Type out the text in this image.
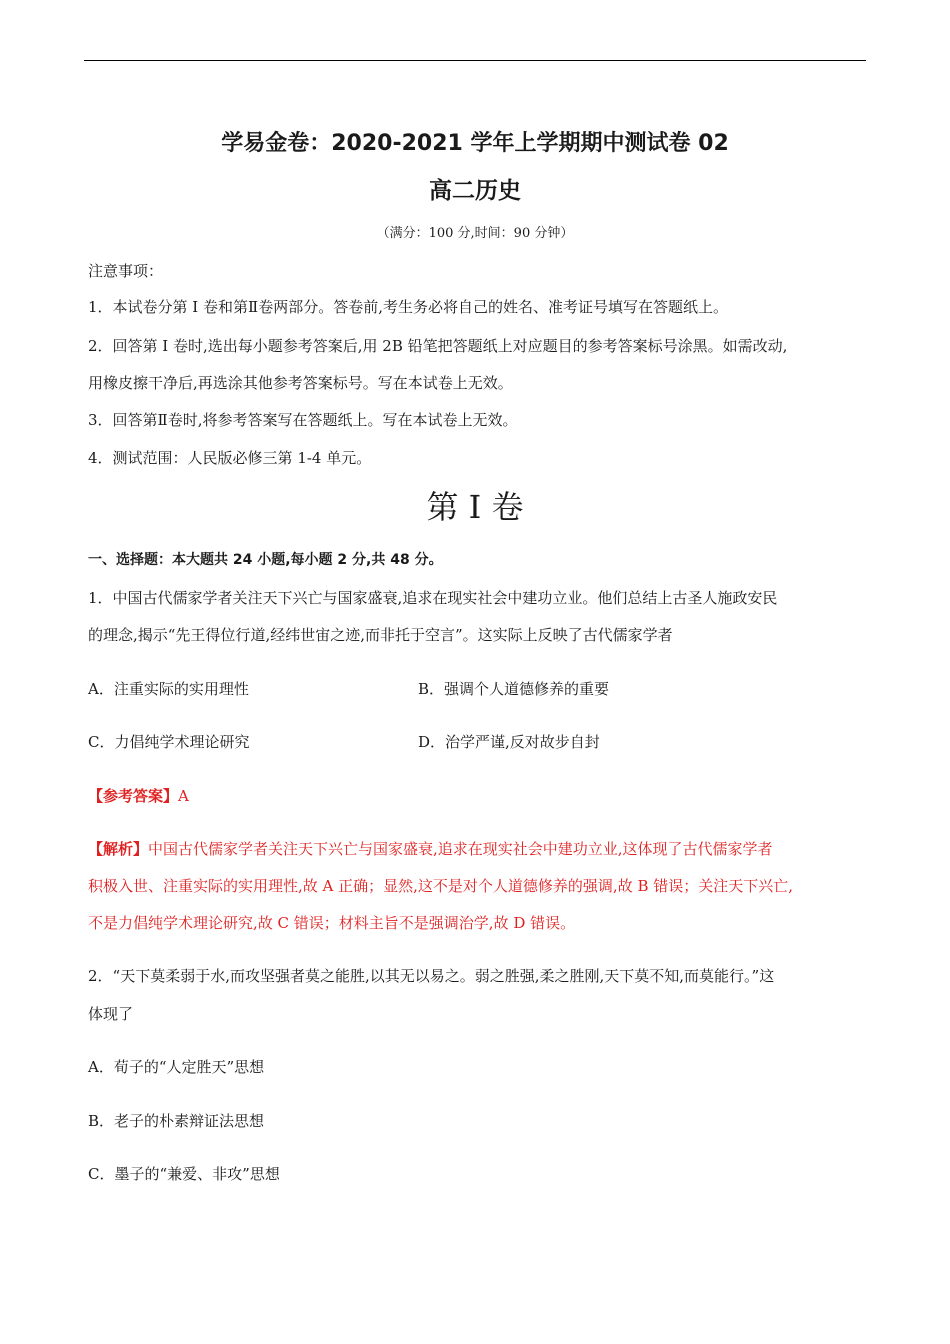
学易金卷：2020-2021 学年上学期期中测试卷 02
高二历史
（满分：100 分,时间：90 分钟）
注意事项：
1．本试卷分第 I 卷和第Ⅱ卷两部分。答卷前,考生务必将自己的姓名、准考证号填写在答题纸上。
2．回答第 I 卷时,选出每小题参考答案后,用 2B 铅笔把答题纸上对应题目的参考答案标号涂黑。如需改动,
用橡皮擦干净后,再选涂其他参考答案标号。写在本试卷上无效。
3．回答第Ⅱ卷时,将参考答案写在答题纸上。写在本试卷上无效。
4．测试范围：人民版必修三第 1-4 单元。
第 I 卷
一、选择题：本大题共 24 小题,每小题 2 分,共 48 分。
1．中国古代儒家学者关注天下兴亡与国家盛衰,追求在现实社会中建功立业。他们总结上古圣人施政安民
的理念,揭示“先王得位行道,经纬世宙之迹,而非托于空言”。这实际上反映了古代儒家学者
A．注重实际的实用理性	B．强调个人道德修养的重要
C．力倡纯学术理论研究	D．治学严谨,反对故步自封
【参考答案】A
【解析】中国古代儒家学者关注天下兴亡与国家盛衰,追求在现实社会中建功立业,这体现了古代儒家学者
积极入世、注重实际的实用理性,故 A 正确；显然,这不是对个人道德修养的强调,故 B 错误；关注天下兴亡,
不是力倡纯学术理论研究,故 C 错误；材料主旨不是强调治学,故 D 错误。
2．“天下莫柔弱于水,而攻坚强者莫之能胜,以其无以易之。弱之胜强,柔之胜刚,天下莫不知,而莫能行。”这
体现了
A．荀子的“人定胜天”思想
B．老子的朴素辩证法思想
C．墨子的“兼爱、非攻”思想
